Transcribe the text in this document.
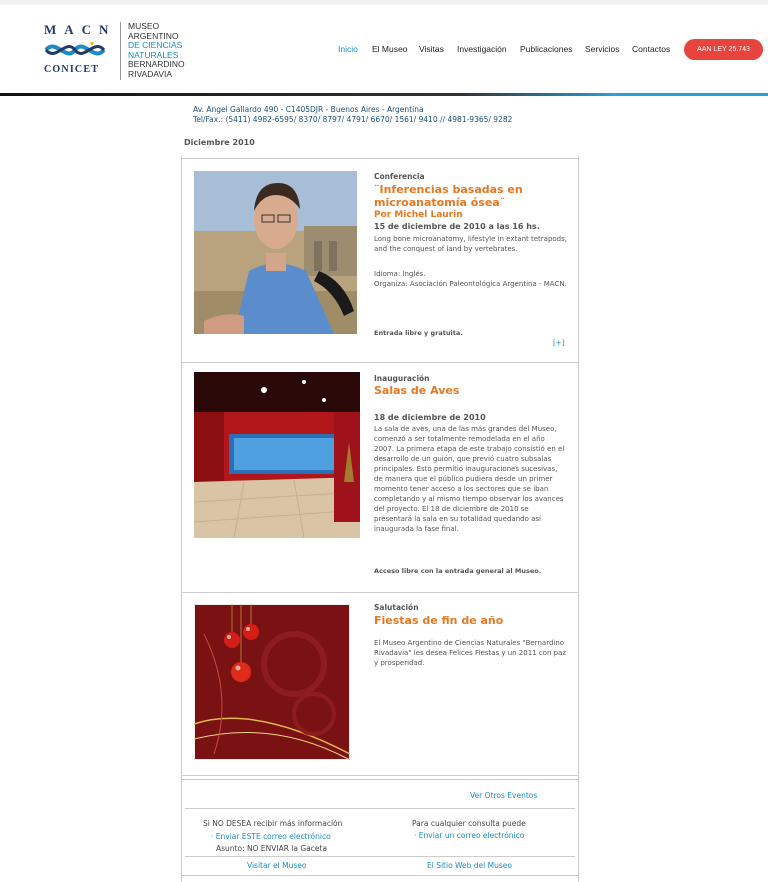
MACN
CONICET
MUSEO
ARGENTINO
DE CIENCIAS
NATURALES
BERNARDINO
RIVADAVIA
Inicio El Museo Visitas Investigación Publicaciones Servicios Contactos	AAN LEY 25.743
Av. Angel Gallardo 490 - C1405DJR - Buenos Aires - Argentina
Tel/Fax.: (5411) 4982-6595/ 8370/ 8797/ 4791/ 6670/ 1561/ 9410 // 4981-9365/ 9282
Diciembre 2010
Conferencia
¨Inferencias basadas en microanatomía ósea¨
Por Michel Laurin
15 de diciembre de 2010 a las 16 hs.
Long bone microanatomy, lifestyle in extant tetrapods, and the conquest of land by vertebrates.
Idioma: Inglés.
Organiza: Asociación Paleontológica Argentina - MACN.
Entrada libre y gratuita.
[+]
Inauguración
Salas de Aves
18 de diciembre de 2010
La sala de aves, una de las más grandes del Museo, comenzó a ser totalmente remodelada en el año 2007. La primera etapa de este trabajo consistió en el desarrollo de un guión, que previó cuatro subsalas principales. Esto permitió inauguraciones sucesivas, de manera que el público pudiera desde un primer momento tener acceso a los sectores que se iban completando y al mismo tiempo observar los avances del proyecto. El 18 de diciembre de 2010 se presentará la sala en su totalidad quedando así inaugurada la fase final.
Acceso libre con la entrada general al Museo.
Salutación
Fiestas de fin de año
El Museo Argentino de Ciencias Naturales "Bernardino Rivadavia" les desea Felices Fiestas y un 2011 con paz y prosperidad.
Ver Otros Eventos
Si NO DESEA recibir más información
· Enviar ESTE correo electrónico
Asunto: NO ENVIAR la Gaceta
Para cualquier consulta puede
· Enviar un correo electrónico
Visitar el Museo	El Sitio Web del Museo
